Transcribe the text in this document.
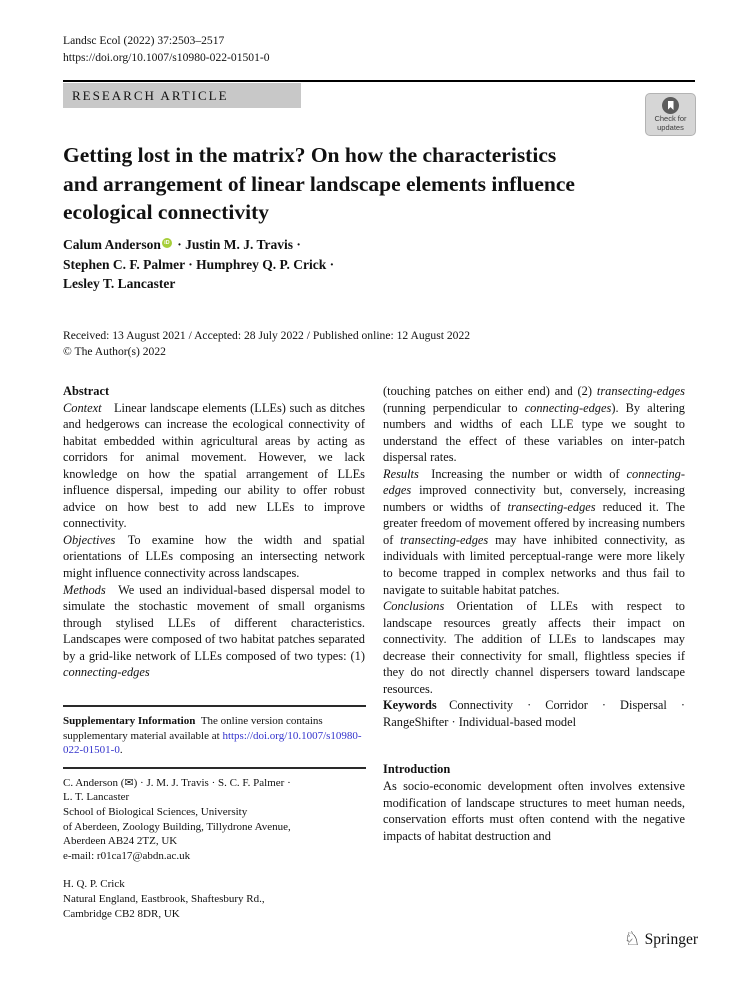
Landsc Ecol (2022) 37:2503–2517
https://doi.org/10.1007/s10980-022-01501-0
RESEARCH ARTICLE
Check for
updates
Getting lost in the matrix? On how the characteristics
and arrangement of linear landscape elements influence
ecological connectivity
Calum AndersoniD · Justin M. J. Travis ·
Stephen C. F. Palmer · Humphrey Q. P. Crick ·
Lesley T. Lancaster
Received: 13 August 2021 / Accepted: 28 July 2022 / Published online: 12 August 2022
© The Author(s) 2022
Abstract

Context Linear landscape elements (LLEs) such as ditches and hedgerows can increase the ecological connectivity of habitat embedded within agricultural areas by acting as corridors for animal movement. However, we lack knowledge on how the spatial arrangement of LLEs influence dispersal, impeding our ability to offer robust advice on how best to add new LLEs to improve connectivity.

Objectives To examine how the width and spatial orientations of LLEs composing an intersecting network might influence connectivity across landscapes.

Methods We used an individual-based dispersal model to simulate the stochastic movement of small organisms through stylised LLEs of different characteristics. Landscapes were composed of two habitat patches separated by a grid-like network of LLEs composed of two types: (1) connecting-edges

(touching patches on either end) and (2) transecting-edges (running perpendicular to connecting-edges). By altering numbers and widths of each LLE type we sought to understand the effect of these variables on inter-patch dispersal rates.

Results Increasing the number or width of connecting-edges improved connectivity but, conversely, increasing numbers or widths of transecting-edges reduced it. The greater freedom of movement offered by increasing numbers of transecting-edges may have inhibited connectivity, as individuals with limited perceptual-range were more likely to become trapped in complex networks and thus fail to navigate to suitable habitat patches.

Conclusions Orientation of LLEs with respect to landscape resources greatly affects their impact on connectivity. The addition of LLEs to landscapes may decrease their connectivity for small, flightless species if they do not directly channel dispersers toward landscape resources.

Keywords Connectivity · Corridor · Dispersal · RangeShifter · Individual-based model

Introduction

As socio-economic development often involves extensive modification of landscape structures to meet human needs, conservation efforts must often contend with the negative impacts of habitat destruction and

Supplementary Information The online version contains supplementary material available at https://doi.org/10.1007/s10980-022-01501-0.
C. Anderson (✉) · J. M. J. Travis · S. C. F. Palmer ·
L. T. Lancaster
School of Biological Sciences, University
of Aberdeen, Zoology Building, Tillydrone Avenue,
Aberdeen AB24 2TZ, UK
e-mail: r01ca17@abdn.ac.uk
H. Q. P. Crick
Natural England, Eastbrook, Shaftesbury Rd.,
Cambridge CB2 8DR, UK
♘ Springer
